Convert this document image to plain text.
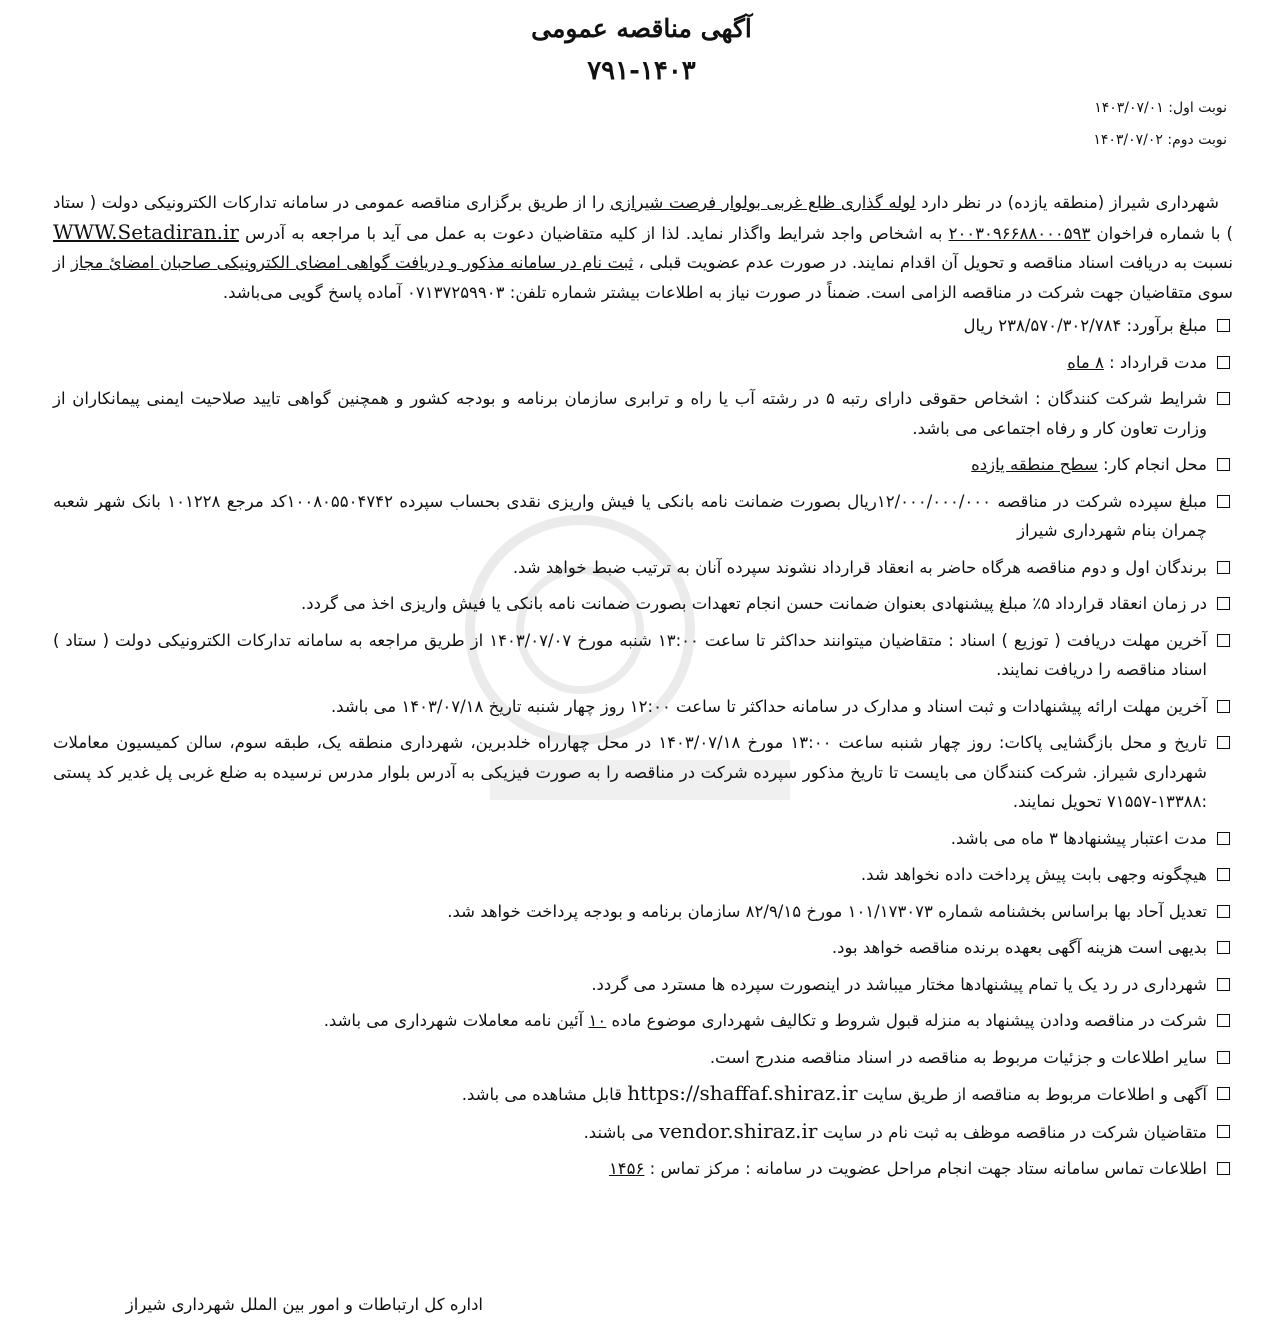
آگهی مناقصه عمومی
۷۹۱-۱۴۰۳
نوبت اول: ۱۴۰۳/۰۷/۰۱
نوبت دوم: ۱۴۰۳/۰۷/۰۲

شهرداری شیراز (منطقه یازده) در نظر دارد لوله گذاری ظلع غربی بولوار فرصت شیرازی را از طریق برگزاری مناقصه عمومی در سامانه تدارکات الکترونیکی دولت ( ستاد ) با شماره فراخوان ۲۰۰۳۰۹۶۶۸۸۰۰۰۵۹۳ به اشخاص واجد شرایط واگذار نماید. لذا از کلیه متقاضیان دعوت به عمل می آید با مراجعه به آدرس WWW.Setadiran.ir نسبت به دریافت اسناد مناقصه و تحویل آن اقدام نمایند. در صورت عدم عضویت قبلی ، ثبت نام در سامانه مذکور و دریافت گواهی امضای الکترونیکی صاحبان امضائ مجاز از سوی متقاضیان جهت شرکت در مناقصه الزامی است. ضمناً در صورت نیاز به اطلاعات بیشتر شماره تلفن: ۰۷۱۳۷۲۵۹۹۰۳ آماده پاسخ گویی می‌باشد.

مبلغ برآورد: ۲۳۸/۵۷۰/۳۰۲/۷۸۴ ریال
مدت قرارداد : ۸ ماه
شرایط شرکت کنندگان : اشخاص حقوقی دارای رتبه ۵ در رشته آب یا راه و ترابری سازمان برنامه و بودجه کشور و همچنین گواهی تایید صلاحیت ایمنی پیمانکاران از وزارت تعاون کار و رفاه اجتماعی می باشد.
محل انجام کار: سطح منطقه یازده
مبلغ سپرده شرکت در مناقصه ۱۲/۰۰۰/۰۰۰/۰۰۰ریال بصورت ضمانت نامه بانکی یا فیش واریزی نقدی بحساب سپرده ۱۰۰۸۰۵۵۰۴۷۴۲کد مرجع ۱۰۱۲۲۸ بانک شهر شعبه چمران بنام شهرداری شیراز
برندگان اول و دوم مناقصه هرگاه حاضر به انعقاد قرارداد نشوند سپرده آنان به ترتیب ضبط خواهد شد.
در زمان انعقاد قرارداد ۵٪ مبلغ پیشنهادی بعنوان ضمانت حسن انجام تعهدات بصورت ضمانت نامه بانکی یا فیش واریزی اخذ می گردد.
آخرین مهلت دریافت ( توزیع ) اسناد : متقاضیان میتوانند حداکثر تا ساعت ۱۳:۰۰ شنبه مورخ ۱۴۰۳/۰۷/۰۷ از طریق مراجعه به سامانه تدارکات الکترونیکی دولت ( ستاد ) اسناد مناقصه را دریافت نمایند.
آخرین مهلت ارائه پیشنهادات و ثبت اسناد و مدارک در سامانه حداکثر تا ساعت ۱۲:۰۰ روز چهار شنبه تاریخ ۱۴۰۳/۰۷/۱۸ می باشد.
تاریخ و محل بازگشایی پاکات: روز چهار شنبه ساعت ۱۳:۰۰ مورخ ۱۴۰۳/۰۷/۱۸ در محل چهارراه خلدبرین، شهرداری منطقه یک، طبقه سوم، سالن کمیسیون معاملات شهرداری شیراز. شرکت کنندگان می بایست تا تاریخ مذکور سپرده شرکت در مناقصه را به صورت فیزیکی به آدرس بلوار مدرس نرسیده به ضلع غربی پل غدیر کد پستی :۱۳۳۸۸-۷۱۵۵۷ تحویل نمایند.
مدت اعتبار پیشنهادها ۳ ماه می باشد.
هیچگونه وجهی بابت پیش پرداخت داده نخواهد شد.
تعدیل آحاد بها براساس بخشنامه شماره ۱۰۱/۱۷۳۰۷۳ مورخ ۸۲/۹/۱۵ سازمان برنامه و بودجه پرداخت خواهد شد.
بدیهی است هزینه آگهی بعهده برنده مناقصه خواهد بود.
شهرداری در رد یک یا تمام پیشنهادها مختار میباشد در اینصورت سپرده ها مسترد می گردد.
شرکت در مناقصه ودادن پیشنهاد به منزله قبول شروط و تکالیف شهرداری موضوع ماده ۱۰ آئین نامه معاملات شهرداری می باشد.
سایر اطلاعات و جزئیات مربوط به مناقصه در اسناد مناقصه مندرج است.
آگهی و اطلاعات مربوط به مناقصه از طریق سایت https://shaffaf.shiraz.ir قابل مشاهده می باشد.
متقاضیان شرکت در مناقصه موظف به ثبت نام در سایت vendor.shiraz.ir می باشند.
اطلاعات تماس سامانه ستاد جهت انجام مراحل عضویت در سامانه : مرکز تماس : ۱۴۵۶
اداره کل ارتباطات و امور بین الملل شهرداری شیراز
